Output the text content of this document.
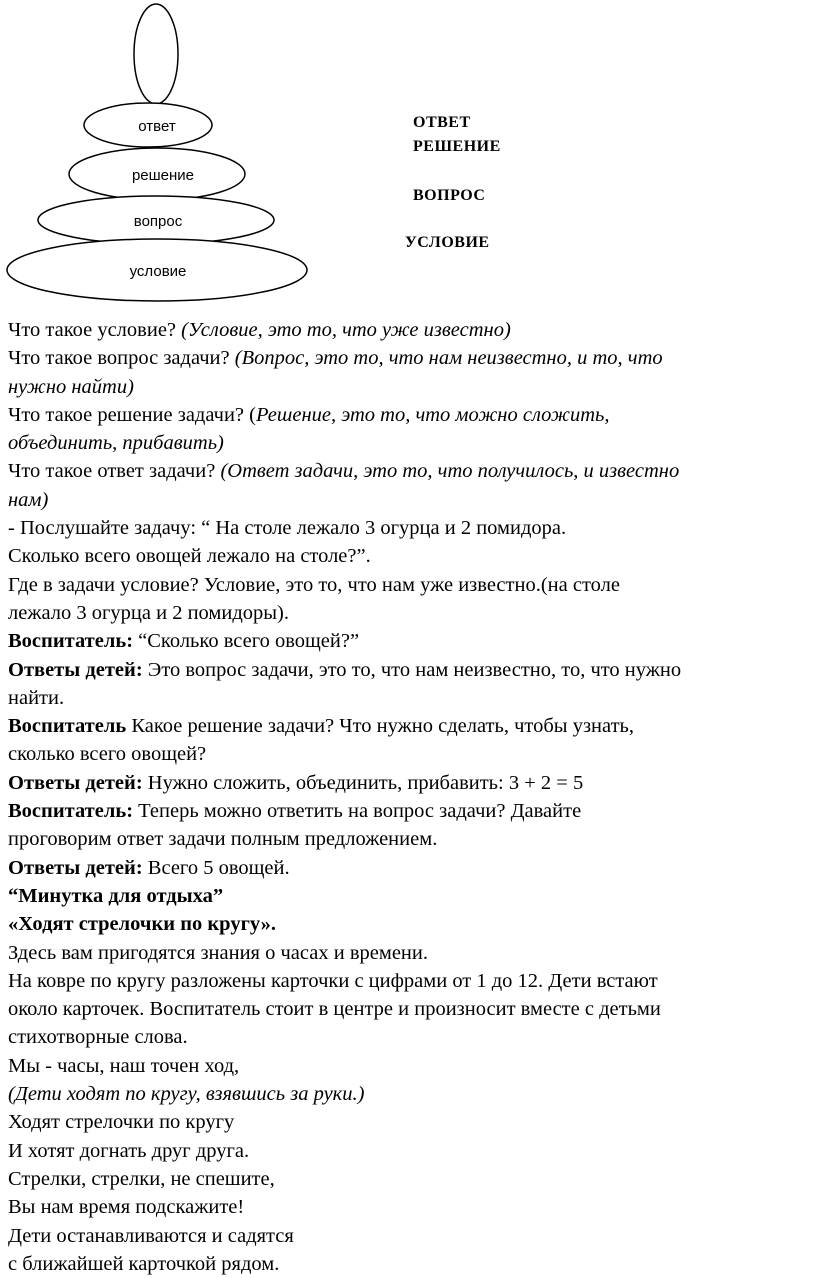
ответ
решение
вопрос
условие
ОТВЕТ
РЕШЕНИЕ
ВОПРОС
УСЛОВИЕ
Что такое условие? (Условие, это то, что уже известно)
Что такое вопрос задачи? (Вопрос, это то, что нам неизвестно, и то, что
нужно найти)
Что такое решение задачи? (Решение, это то, что можно сложить,
объединить, прибавить)
Что такое ответ задачи? (Ответ задачи, это то, что получилось, и известно
нам)
- Послушайте задачу: “ На столе лежало 3 огурца и 2 помидора.
Сколько всего овощей лежало на столе?”.
Где в задачи условие? Условие, это то, что нам уже известно.(на столе
лежало 3 огурца и 2 помидоры).
Воспитатель: “Сколько всего овощей?”
Ответы детей: Это вопрос задачи, это то, что нам неизвестно, то, что нужно
найти.
Воспитатель Какое решение задачи? Что нужно сделать, чтобы узнать,
сколько всего овощей?
Ответы детей: Нужно сложить, объединить, прибавить: 3 + 2 = 5
Воспитатель: Теперь можно ответить на вопрос задачи? Давайте
проговорим ответ задачи полным предложением.
Ответы детей: Всего 5 овощей.
“Минутка для отдыха”
«Ходят стрелочки по кругу».
Здесь вам пригодятся знания о часах и времени.
На ковре по кругу разложены карточки с цифрами от 1 до 12. Дети встают
около карточек. Воспитатель стоит в центре и произносит вместе с детьми
стихотворные слова.
Мы - часы, наш точен ход,
(Дети ходят по кругу, взявшись за руки.)
Ходят стрелочки по кругу
И хотят догнать друг друга.
Стрелки, стрелки, не спешите,
Вы нам время подскажите!
Дети останавливаются и садятся
с ближайшей карточкой рядом.
